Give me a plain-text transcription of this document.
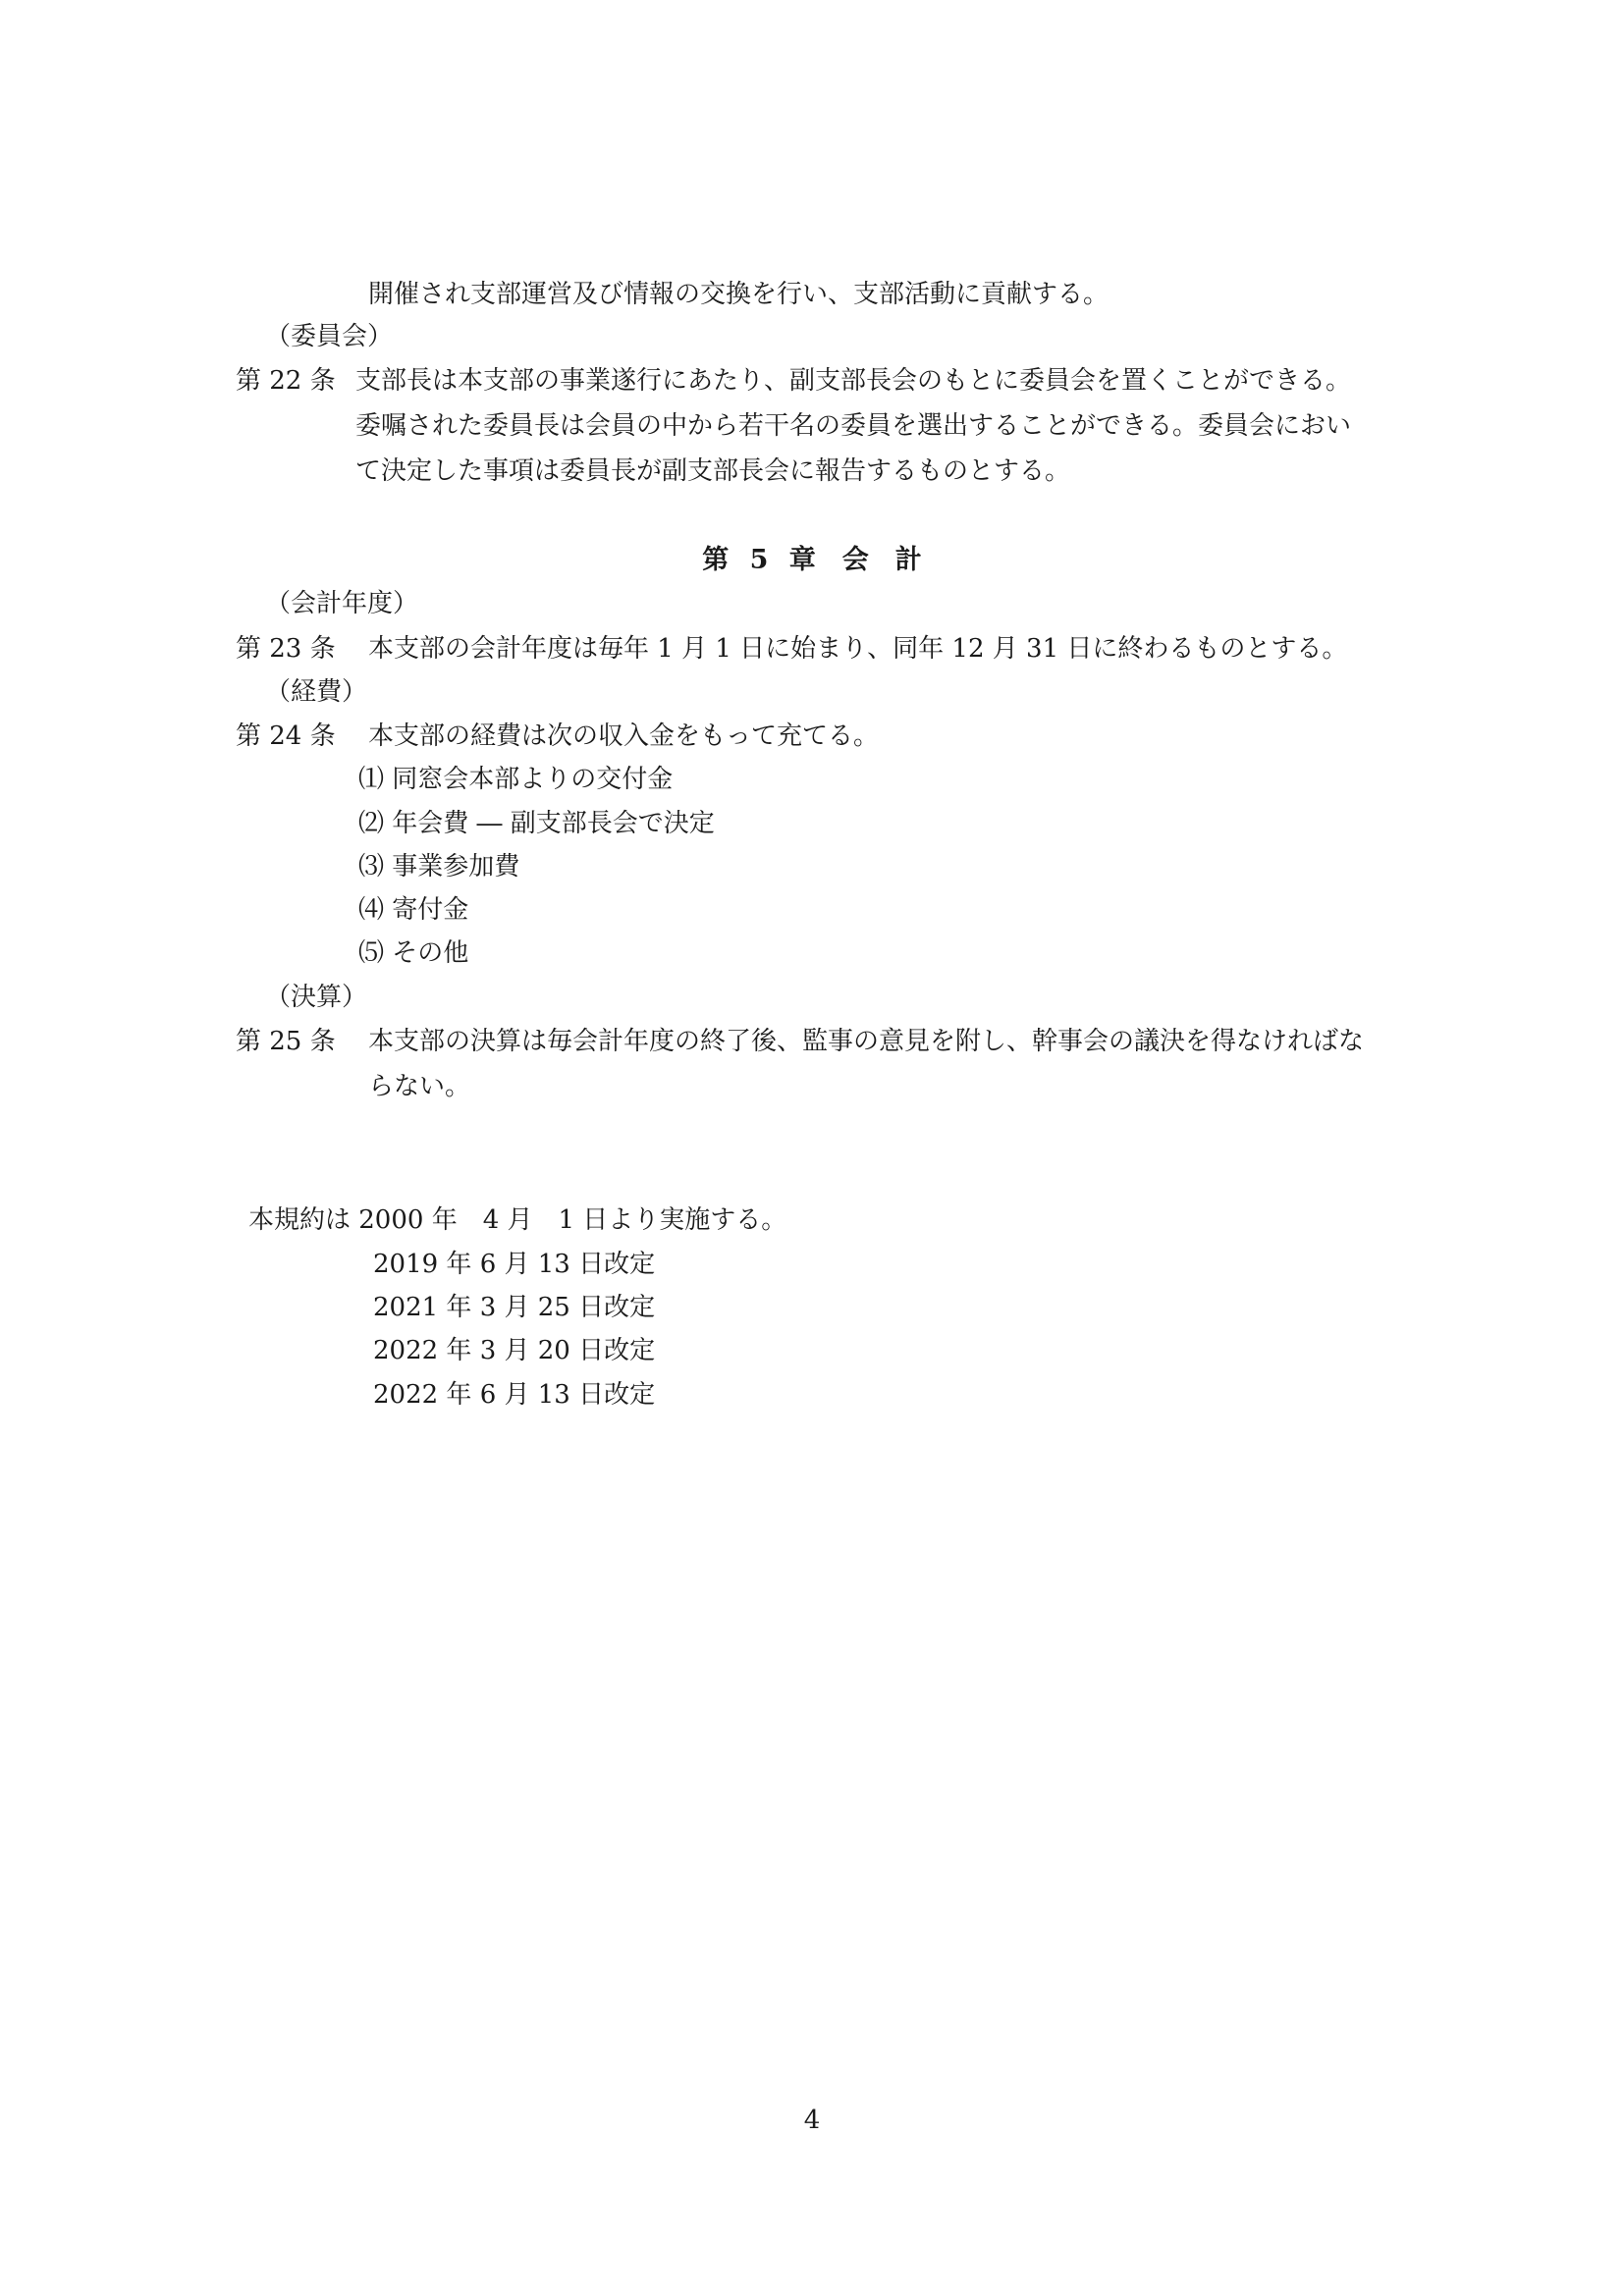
開催され支部運営及び情報の交換を行い、支部活動に貢献する。
（委員会）
第 22 条 支部長は本支部の事業遂行にあたり、副支部長会のもとに委員会を置くことができる。
委嘱された委員長は会員の中から若干名の委員を選出することができる。委員会におい
て決定した事項は委員長が副支部長会に報告するものとする。
第 5 章　会　計
（会計年度）
第 23 条 本支部の会計年度は毎年 1 月 1 日に始まり、同年 12 月 31 日に終わるものとする。
（経費）
第 24 条 本支部の経費は次の収入金をもって充てる。
⑴ 同窓会本部よりの交付金
⑵ 年会費 ― 副支部長会で決定
⑶ 事業参加費
⑷ 寄付金
⑸ その他
（決算）
第 25 条 本支部の決算は毎会計年度の終了後、監事の意見を附し、幹事会の議決を得なければな
らない。
本規約は 2000 年　4 月　1 日より実施する。
2019 年 6 月 13 日改定
2021 年 3 月 25 日改定
2022 年 3 月 20 日改定
2022 年 6 月 13 日改定
4
